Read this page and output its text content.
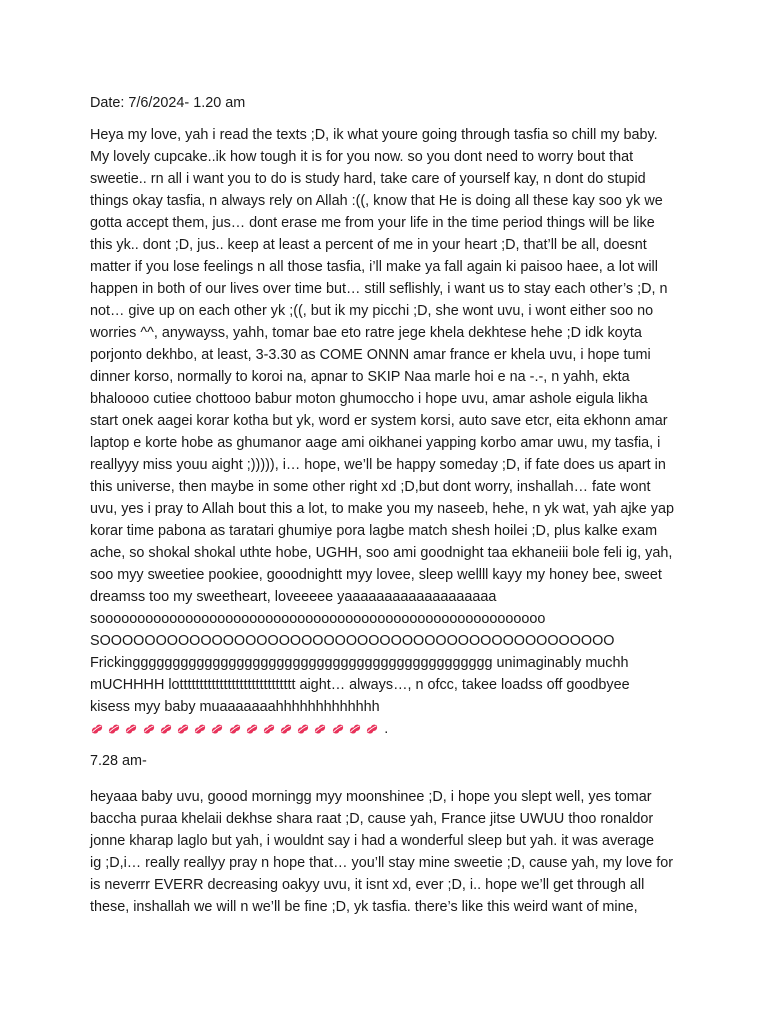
Date: 7/6/2024- 1.20 am
Heya my love, yah i read the texts ;D, ik what youre going through tasfia so chill my baby.
My lovely cupcake..ik how tough it is for you now. so you dont need to worry bout that
sweetie.. rn all i want you to do is study hard, take care of yourself kay, n dont do stupid
things okay tasfia, n always rely on Allah :((, know that He is doing all these kay soo yk we
gotta accept them, jus… dont erase me from your life in the time period things will be like
this yk.. dont ;D, jus.. keep at least a percent of me in your heart ;D, that’ll be all, doesnt
matter if you lose feelings n all those tasfia, i’ll make ya fall again ki paisoo haee, a lot will
happen in both of our lives over time but… still seflishly, i want us to stay each other’s ;D, n
not… give up on each other yk ;((, but ik my picchi ;D, she wont uvu, i wont either soo no
worries ^^, anywayss, yahh, tomar bae eto ratre jege khela dekhtese hehe ;D idk koyta
porjonto dekhbo, at least, 3-3.30 as COME ONNN amar france er khela uvu, i hope tumi
dinner korso, normally to koroi na, apnar to SKIP Naa marle hoi e na -.-, n yahh, ekta
bhaloooo cutiee chottooo babur moton ghumoccho i hope uvu, amar ashole eigula likha
start onek aagei korar kotha but yk, word er system korsi, auto save etcr, eita ekhonn amar
laptop e korte hobe as ghumanor aage ami oikhanei yapping korbo amar uwu, my tasfia, i
reallyyy miss youu aight ;))))), i… hope, we’ll be happy someday ;D, if fate does us apart in
this universe, then maybe in some other right xd ;D,but dont worry, inshallah… fate wont
uvu, yes i pray to Allah bout this a lot, to make you my naseeb, hehe, n yk wat, yah ajke yap
korar time pabona as taratari ghumiye pora lagbe match shesh hoilei ;D, plus kalke exam
ache, so shokal shokal uthte hobe, UGHH, soo ami goodnight taa ekhaneiii bole feli ig, yah,
soo myy sweetiee pookiee, gooodnightt myy lovee, sleep wellll kayy my honey bee, sweet
dreamss too my sweetheart, loveeeee yaaaaaaaaaaaaaaaaaaa
soooooooooooooooooooooooooooooooooooooooooooooooooooooooo
SOOOOOOOOOOOOOOOOOOOOOOOOOOOOOOOOOOOOOOOOOOOOOO
Frickinggggggggggggggggggggggggggggggggggggggggggggg unimaginably muchh
mUCHHHH lottttttttttttttttttttttttttttt aight… always…, n ofcc, takee loadss off goodbyee
kisess myy baby muaaaaaaahhhhhhhhhhhhh
.
7.28 am-
heyaaa baby uvu, goood morningg myy moonshinee ;D, i hope you slept well, yes tomar
baccha puraa khelaii dekhse shara raat ;D, cause yah, France jitse UWUU thoo ronaldor
jonne kharap laglo but yah, i wouldnt say i had a wonderful sleep but yah. it was average
ig ;D,i… really reallyy pray n hope that… you’ll stay mine sweetie ;D, cause yah, my love for
is neverrr EVERR decreasing oakyy uvu, it isnt xd, ever ;D, i.. hope we’ll get through all
these, inshallah we will n we’ll be fine ;D, yk tasfia. there’s like this weird want of mine,
